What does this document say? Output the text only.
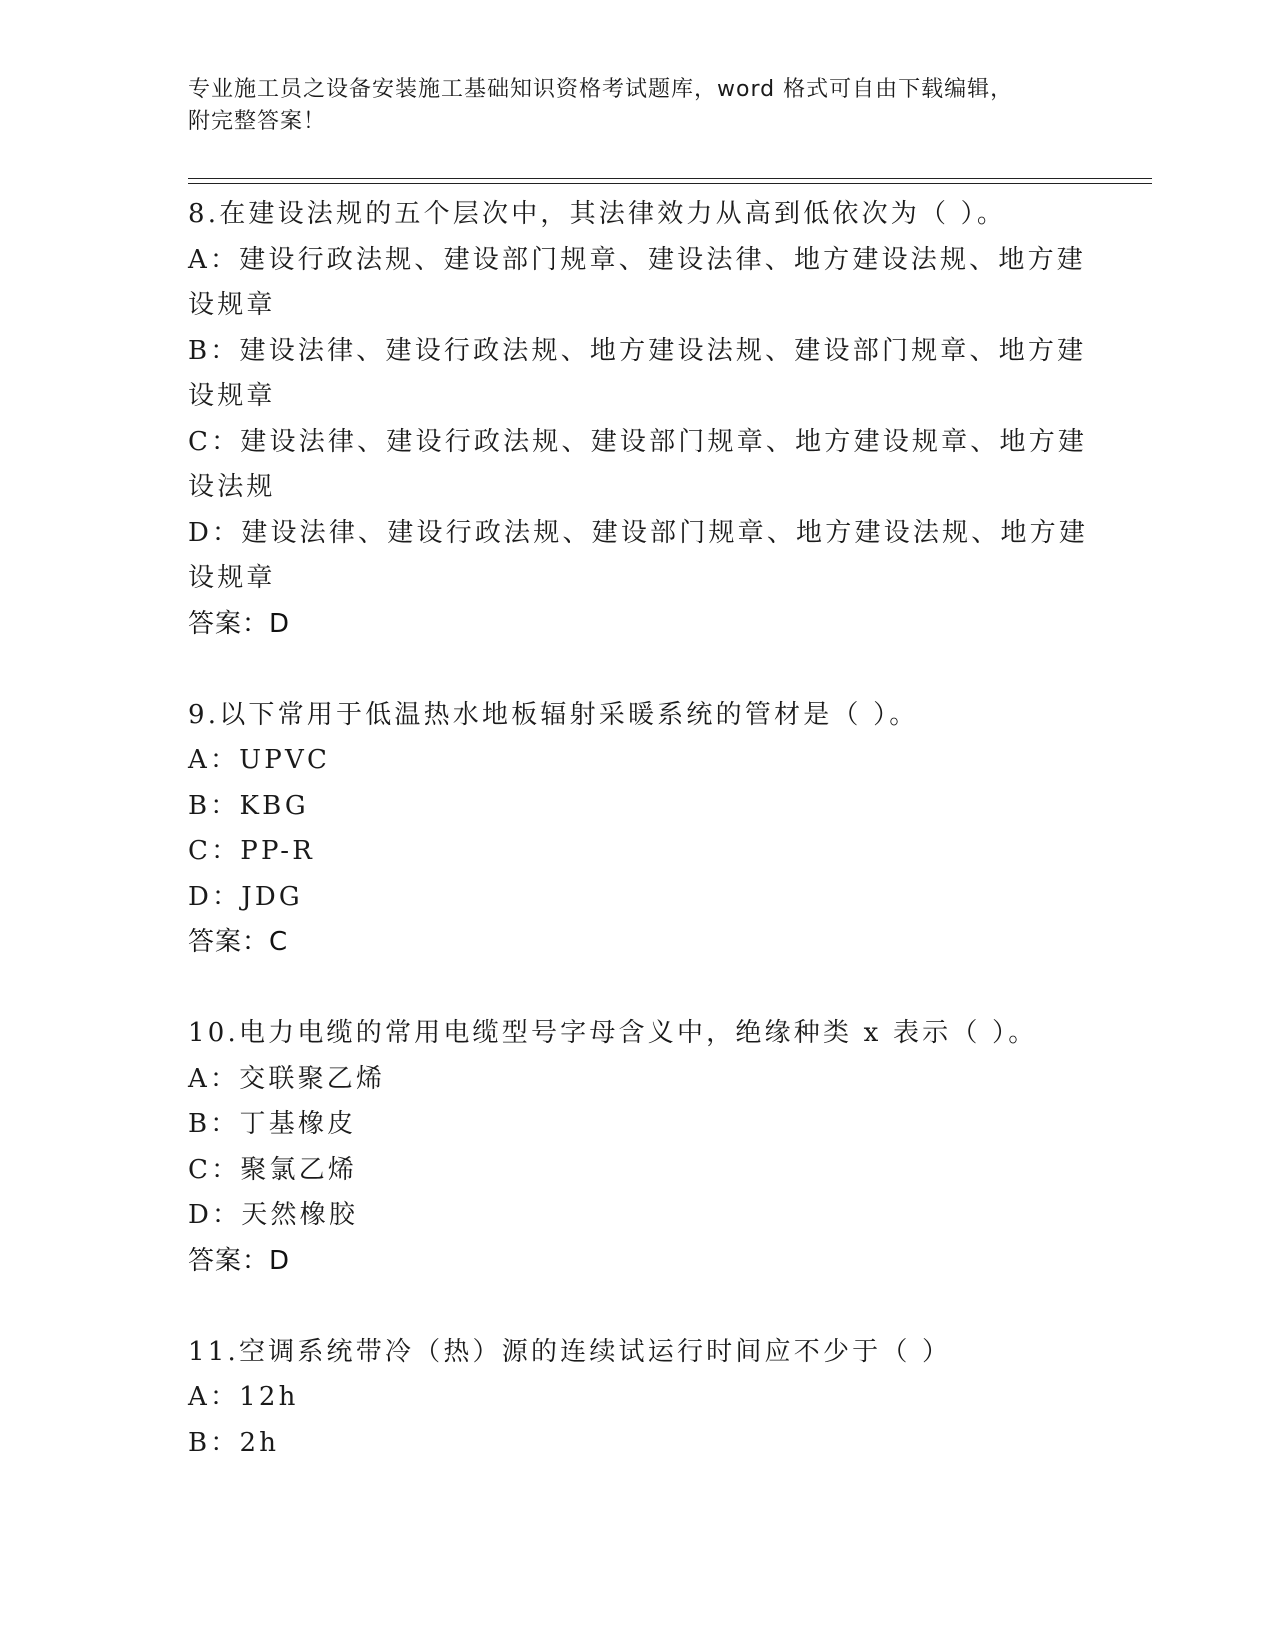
专业施工员之设备安装施工基础知识资格考试题库，word 格式可自由下载编辑，
附完整答案！
8.在建设法规的五个层次中，其法律效力从高到低依次为（ ）。
A：建设行政法规、建设部门规章、建设法律、地方建设法规、地方建
设规章
B：建设法律、建设行政法规、地方建设法规、建设部门规章、地方建
设规章
C：建设法律、建设行政法规、建设部门规章、地方建设规章、地方建
设法规
D：建设法律、建设行政法规、建设部门规章、地方建设法规、地方建
设规章
答案：D
9.以下常用于低温热水地板辐射采暖系统的管材是（ ）。
A：UPVC
B：KBG
C：PP-R
D：JDG
答案：C
10.电力电缆的常用电缆型号字母含义中，绝缘种类 x 表示（ ）。
A：交联聚乙烯
B：丁基橡皮
C：聚氯乙烯
D：天然橡胶
答案：D
11.空调系统带冷（热）源的连续试运行时间应不少于（ ）
A：12h
B：2h
